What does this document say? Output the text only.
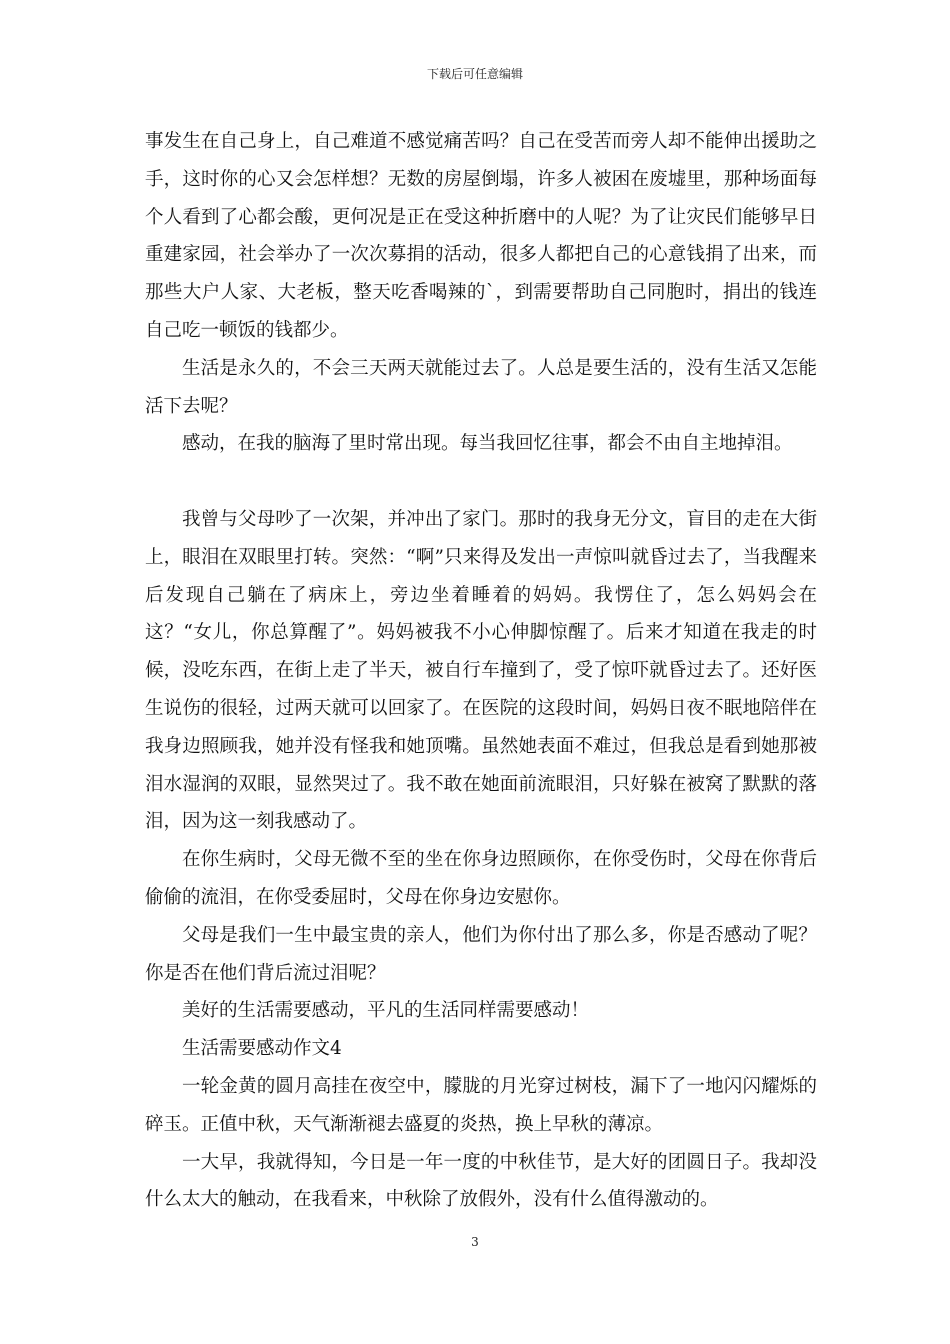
下载后可任意编辑

事发生在自己身上，自己难道不感觉痛苦吗？自己在受苦而旁人却不能伸出援助之手，这时你的心又会怎样想？无数的房屋倒塌，许多人被困在废墟里，那种场面每个人看到了心都会酸，更何况是正在受这种折磨中的人呢？为了让灾民们能够早日重建家园，社会举办了一次次募捐的活动，很多人都把自己的心意钱捐了出来，而那些大户人家、大老板，整天吃香喝辣的`，到需要帮助自己同胞时，捐出的钱连自己吃一顿饭的钱都少。

生活是永久的，不会三天两天就能过去了。人总是要生活的，没有生活又怎能活下去呢？

感动，在我的脑海了里时常出现。每当我回忆往事，都会不由自主地掉泪。

我曾与父母吵了一次架，并冲出了家门。那时的我身无分文，盲目的走在大街上，眼泪在双眼里打转。突然：“啊”只来得及发出一声惊叫就昏过去了，当我醒来后发现自己躺在了病床上，旁边坐着睡着的妈妈。我愣住了，怎么妈妈会在这？“女儿，你总算醒了”。妈妈被我不小心伸脚惊醒了。后来才知道在我走的时候，没吃东西，在街上走了半天，被自行车撞到了，受了惊吓就昏过去了。还好医生说伤的很轻，过两天就可以回家了。在医院的这段时间，妈妈日夜不眠地陪伴在我身边照顾我，她并没有怪我和她顶嘴。虽然她表面不难过，但我总是看到她那被泪水湿润的双眼，显然哭过了。我不敢在她面前流眼泪，只好躲在被窝了默默的落泪，因为这一刻我感动了。

在你生病时，父母无微不至的坐在你身边照顾你，在你受伤时，父母在你背后偷偷的流泪，在你受委屈时，父母在你身边安慰你。

父母是我们一生中最宝贵的亲人，他们为你付出了那么多，你是否感动了呢？你是否在他们背后流过泪呢？

美好的生活需要感动，平凡的生活同样需要感动！

生活需要感动作文4

一轮金黄的圆月高挂在夜空中，朦胧的月光穿过树枝，漏下了一地闪闪耀烁的碎玉。正值中秋，天气渐渐褪去盛夏的炎热，换上早秋的薄凉。

一大早，我就得知，今日是一年一度的中秋佳节，是大好的团圆日子。我却没什么太大的触动，在我看来，中秋除了放假外，没有什么值得激动的。

3
